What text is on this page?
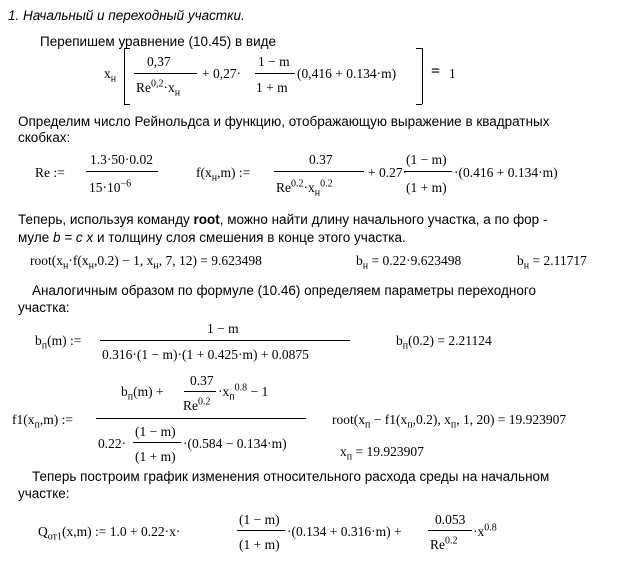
1. Начальный и переходный участки.
Перепишем уравнение (10.45) в виде
$x_н$
0,37
$Re^{0,2}\cdot x_н$
+ 0,27·
1 − m
1 + m
(0,416 + 0.134·m) = 1
Определим число Рейнольдса и функцию, отображающую выражение в квадратных
скобках:
Re :=
1.3·50·0.02
$15\cdot 10^{-6}$
$f(x_н,m)$ :=
0.37
$Re^{0.2}\cdot x_н^{0.2}$
+ 0.27·
(1 − m)
(1 + m)
·(0.416 + 0.134·m)
Теперь, используя команду root, можно найти длину начального участка, а по фор -
муле b = c x и толщину слоя смешения в конце этого участка.
$root(x_н\cdot f(x_н,0.2) - 1$, $x_н$, 7, 12) = 9.623498	$b_н = 0.22\cdot 9.623498$	$b_н = 2.11717$
Аналогичным образом по формуле (10.46) определяем параметры переходного
участка:
$b_п(m)$ :=
1 − m
0.316·(1 − m)·(1 + 0.425·m) + 0.0875
$b_п(0.2) = 2.21124$
$f1(x_п,m)$ :=
$b_п(m)$ +
0.37
$Re^{0.2}$
$\cdot x_п^{0.8} - 1$
0.22·
(1 − m)
(1 + m)
·(0.584 − 0.134·m)
$root(x_п - f1(x_п,0.2)$, $x_п$, 1, 20) = 19.923907
$x_п = 19.923907$
Теперь построим график изменения относительного расхода среды на начальном
участке:
$Q_{от1}(x,m)$ := 1.0 + 0.22·x·
(1 − m)
(1 + m)
·(0.134 + 0.316·m) +
0.053
$Re^{0.2}$
$\cdot x^{0.8}$
